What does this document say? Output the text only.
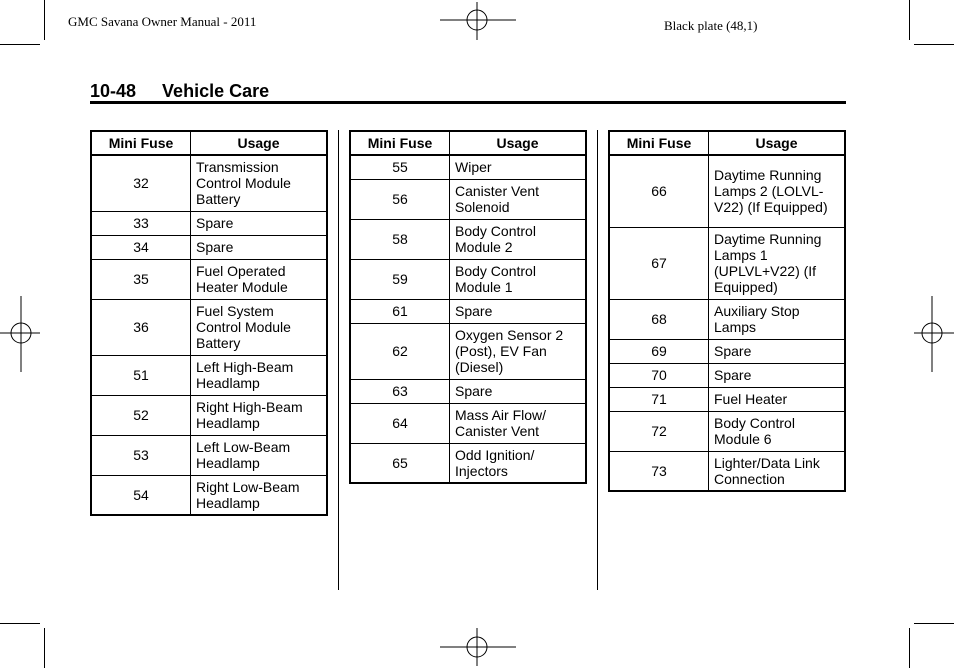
GMC Savana Owner Manual - 2011	Black plate (48,1)
10-48 Vehicle Care
Mini Fuse	Usage
32	Transmission Control Module Battery
33	Spare
34	Spare
35	Fuel Operated Heater Module
36	Fuel System Control Module Battery
51	Left High-Beam Headlamp
52	Right High-Beam Headlamp
53	Left Low-Beam Headlamp
54	Right Low-Beam Headlamp
Mini Fuse	Usage
55	Wiper
56	Canister Vent Solenoid
58	Body Control Module 2
59	Body Control Module 1
61	Spare
62	Oxygen Sensor 2 (Post), EV Fan (Diesel)
63	Spare
64	Mass Air Flow/ Canister Vent
65	Odd Ignition/ Injectors
Mini Fuse	Usage
66	Daytime Running Lamps 2 (LOLVL-V22) (If Equipped)
67	Daytime Running Lamps 1 (UPLVL+V22) (If Equipped)
68	Auxiliary Stop Lamps
69	Spare
70	Spare
71	Fuel Heater
72	Body Control Module 6
73	Lighter/Data Link Connection
